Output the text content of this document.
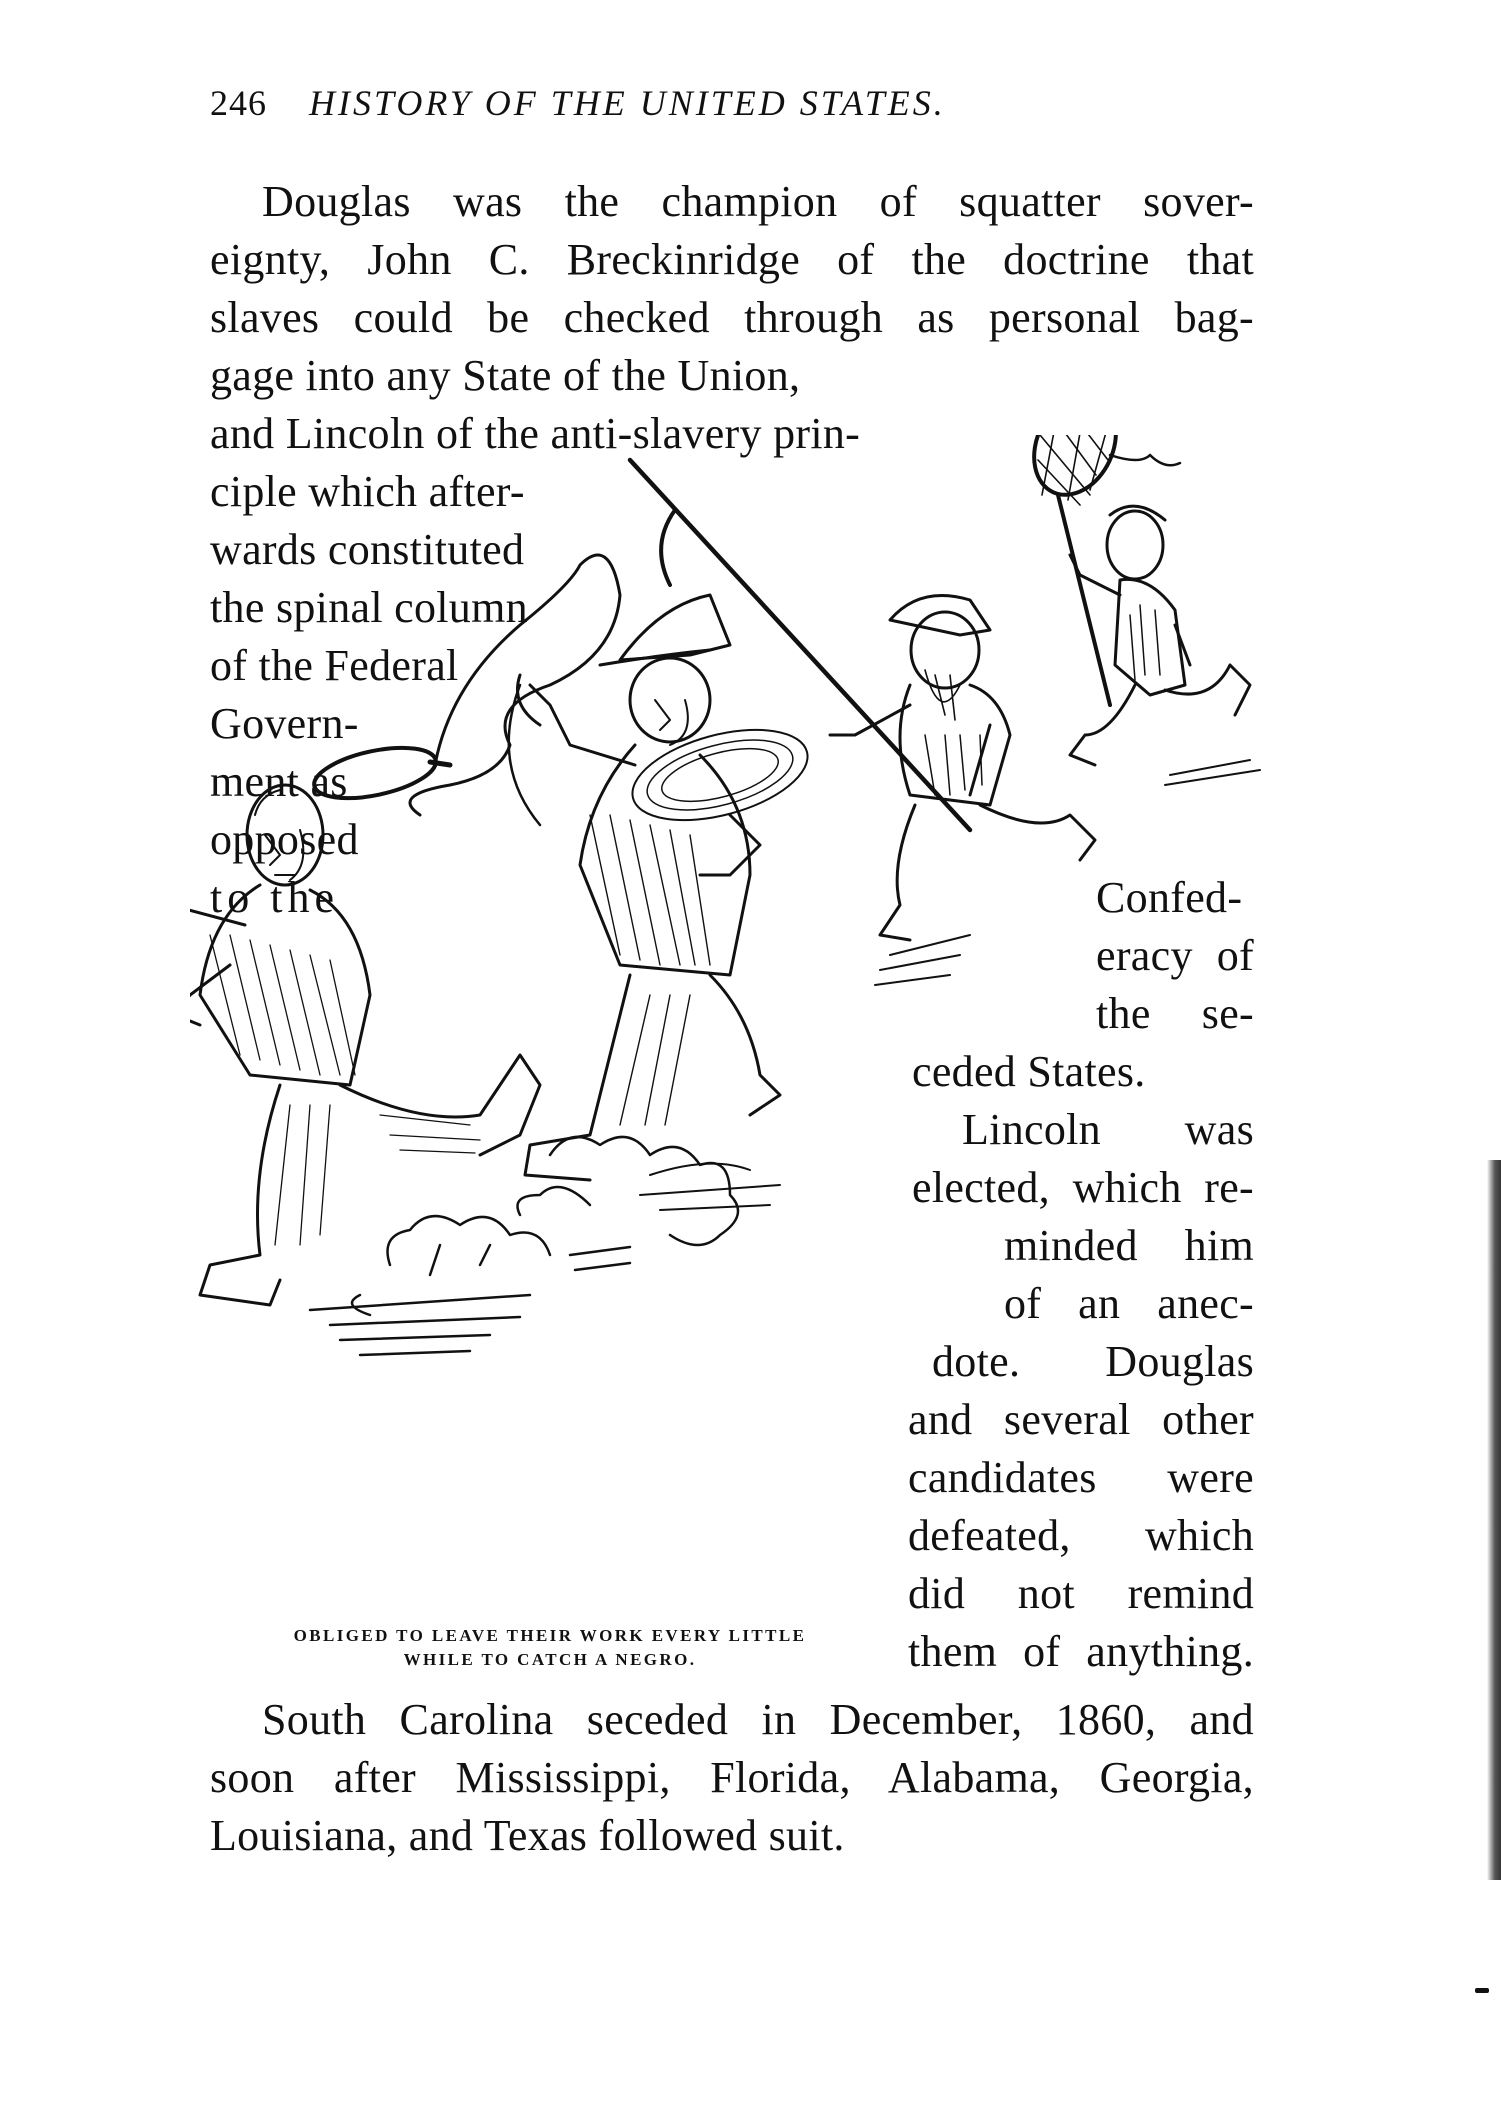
246 HISTORY OF THE UNITED STATES.
Douglas was the champion of squatter sover-
eignty, John C. Breckinridge of the doctrine that
slaves could be checked through as personal bag-
gage into any State of the Union,
and Lincoln of the anti-slavery prin-
ciple which after-
wards constituted
the spinal column
of the Federal
Govern-
ment as
opposed
to the	Confed-
eracy of
the se-
ceded States.
Lincoln was
elected, which re-
minded him
of an anec-
dote. Douglas
and several other
candidates were
defeated, which
did not remind
them of anything.
South Carolina seceded in December, 1860, and
soon after Mississippi, Florida, Alabama, Georgia,
Louisiana, and Texas followed suit.
OBLIGED TO LEAVE THEIR WORK EVERY LITTLE
WHILE TO CATCH A NEGRO.
